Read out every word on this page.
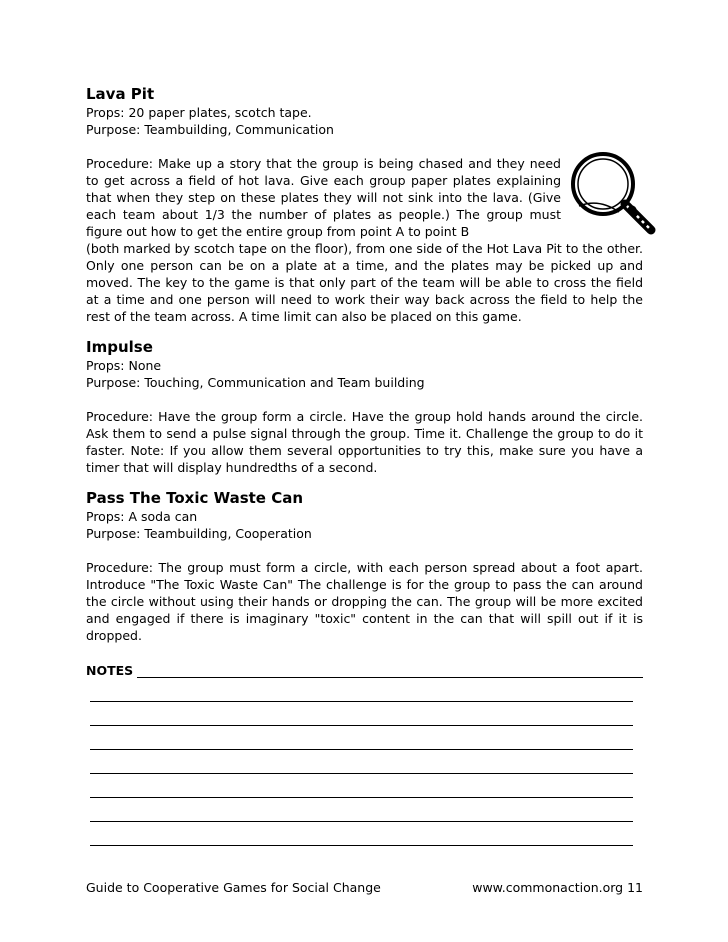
Lava Pit

Props: 20 paper plates, scotch tape.

Purpose: Teambuilding, Communication

Procedure: Make up a story that the group is being chased and they need to get across a field of hot lava. Give each group paper plates explaining that when they step on these plates they will not sink into the lava. (Give each team about 1/3 the number of plates as people.) The group must figure out how to get the entire group from point A to point B

(both marked by scotch tape on the floor), from one side of the Hot Lava Pit to the other. Only one person can be on a plate at a time, and the plates may be picked up and moved. The key to the game is that only part of the team will be able to cross the field at a time and one person will need to work their way back across the field to help the rest of the team across. A time limit can also be placed on this game.

Impulse

Props: None

Purpose: Touching, Communication and Team building

Procedure: Have the group form a circle. Have the group hold hands around the circle. Ask them to send a pulse signal through the group. Time it. Challenge the group to do it faster. Note: If you allow them several opportunities to try this, make sure you have a timer that will display hundredths of a second.

Pass The Toxic Waste Can

Props: A soda can

Purpose: Teambuilding, Cooperation

Procedure: The group must form a circle, with each person spread about a foot apart. Introduce "The Toxic Waste Can" The challenge is for the group to pass the can around the circle without using their hands or dropping the can. The group will be more excited and engaged if there is imaginary "toxic" content in the can that will spill out if it is dropped.

NOTES
Guide to Cooperative Games for Social Change	www.commonaction.org 11
